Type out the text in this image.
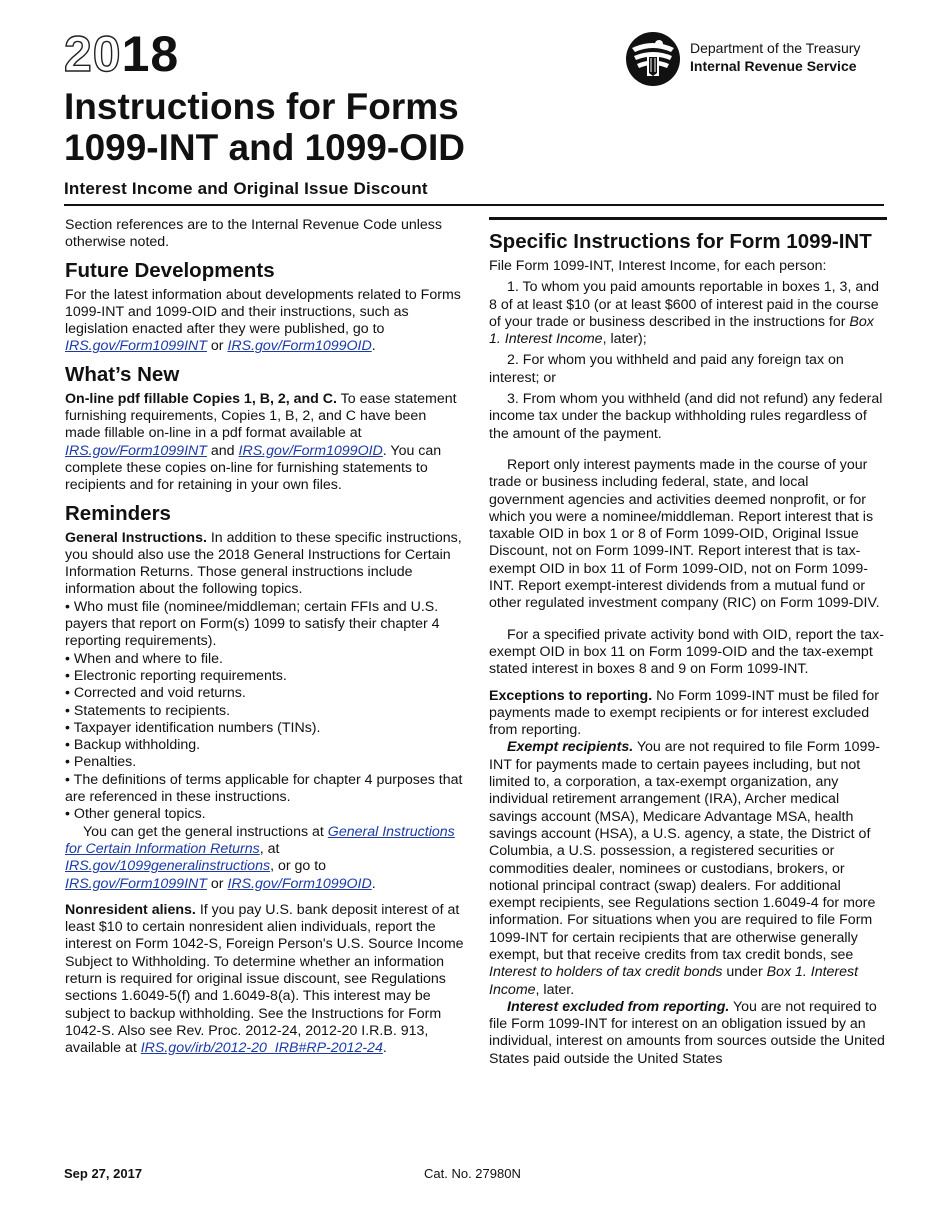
2018	Department of the Treasury
Internal Revenue Service
Instructions for Forms
1099-INT and 1099-OID
Interest Income and Original Issue Discount

Section references are to the Internal Revenue Code unless otherwise noted.

Future Developments

For the latest information about developments related to Forms 1099-INT and 1099-OID and their instructions, such as legislation enacted after they were published, go to IRS.gov/Form1099INT or IRS.gov/Form1099OID.

What’s New

On-line pdf fillable Copies 1, B, 2, and C. To ease statement furnishing requirements, Copies 1, B, 2, and C have been made fillable on-line in a pdf format available at IRS.gov/Form1099INT and IRS.gov/Form1099OID. You can complete these copies on-line for furnishing statements to recipients and for retaining in your own files.

Reminders

General Instructions. In addition to these specific instructions, you should also use the 2018 General Instructions for Certain Information Returns. Those general instructions include information about the following topics.

• Who must file (nominee/middleman; certain FFIs and U.S. payers that report on Form(s) 1099 to satisfy their chapter 4 reporting requirements).

• When and where to file.

• Electronic reporting requirements.

• Corrected and void returns.

• Statements to recipients.

• Taxpayer identification numbers (TINs).

• Backup withholding.

• Penalties.

• The definitions of terms applicable for chapter 4 purposes that are referenced in these instructions.

• Other general topics.

You can get the general instructions at General Instructions for Certain Information Returns, at IRS.gov/1099generalinstructions, or go to IRS.gov/Form1099INT or IRS.gov/Form1099OID.

Nonresident aliens. If you pay U.S. bank deposit interest of at least $10 to certain nonresident alien individuals, report the interest on Form 1042-S, Foreign Person's U.S. Source Income Subject to Withholding. To determine whether an information return is required for original issue discount, see Regulations sections 1.6049-5(f) and 1.6049-8(a). This interest may be subject to backup withholding. See the Instructions for Form 1042-S. Also see Rev. Proc. 2012-24, 2012-20 I.R.B. 913, available at IRS.gov/irb/2012-20_IRB#RP-2012-24.

Specific Instructions for Form 1099-INT

File Form 1099-INT, Interest Income, for each person:

1. To whom you paid amounts reportable in boxes 1, 3, and 8 of at least $10 (or at least $600 of interest paid in the course of your trade or business described in the instructions for Box 1. Interest Income, later);

2. For whom you withheld and paid any foreign tax on interest; or

3. From whom you withheld (and did not refund) any federal income tax under the backup withholding rules regardless of the amount of the payment.

Report only interest payments made in the course of your trade or business including federal, state, and local government agencies and activities deemed nonprofit, or for which you were a nominee/middleman. Report interest that is taxable OID in box 1 or 8 of Form 1099-OID, Original Issue Discount, not on Form 1099-INT. Report interest that is tax-exempt OID in box 11 of Form 1099-OID, not on Form 1099-INT. Report exempt-interest dividends from a mutual fund or other regulated investment company (RIC) on Form 1099-DIV.

For a specified private activity bond with OID, report the tax-exempt OID in box 11 on Form 1099-OID and the tax-exempt stated interest in boxes 8 and 9 on Form 1099-INT.

Exceptions to reporting. No Form 1099-INT must be filed for payments made to exempt recipients or for interest excluded from reporting.

Exempt recipients. You are not required to file Form 1099-INT for payments made to certain payees including, but not limited to, a corporation, a tax-exempt organization, any individual retirement arrangement (IRA), Archer medical savings account (MSA), Medicare Advantage MSA, health savings account (HSA), a U.S. agency, a state, the District of Columbia, a U.S. possession, a registered securities or commodities dealer, nominees or custodians, brokers, or notional principal contract (swap) dealers. For additional exempt recipients, see Regulations section 1.6049-4 for more information. For situations when you are required to file Form 1099-INT for certain recipients that are otherwise generally exempt, but that receive credits from tax credit bonds, see Interest to holders of tax credit bonds under Box 1. Interest Income, later.

Interest excluded from reporting. You are not required to file Form 1099-INT for interest on an obligation issued by an individual, interest on amounts from sources outside the United States paid outside the United States

Sep 27, 2017	Cat. No. 27980N
